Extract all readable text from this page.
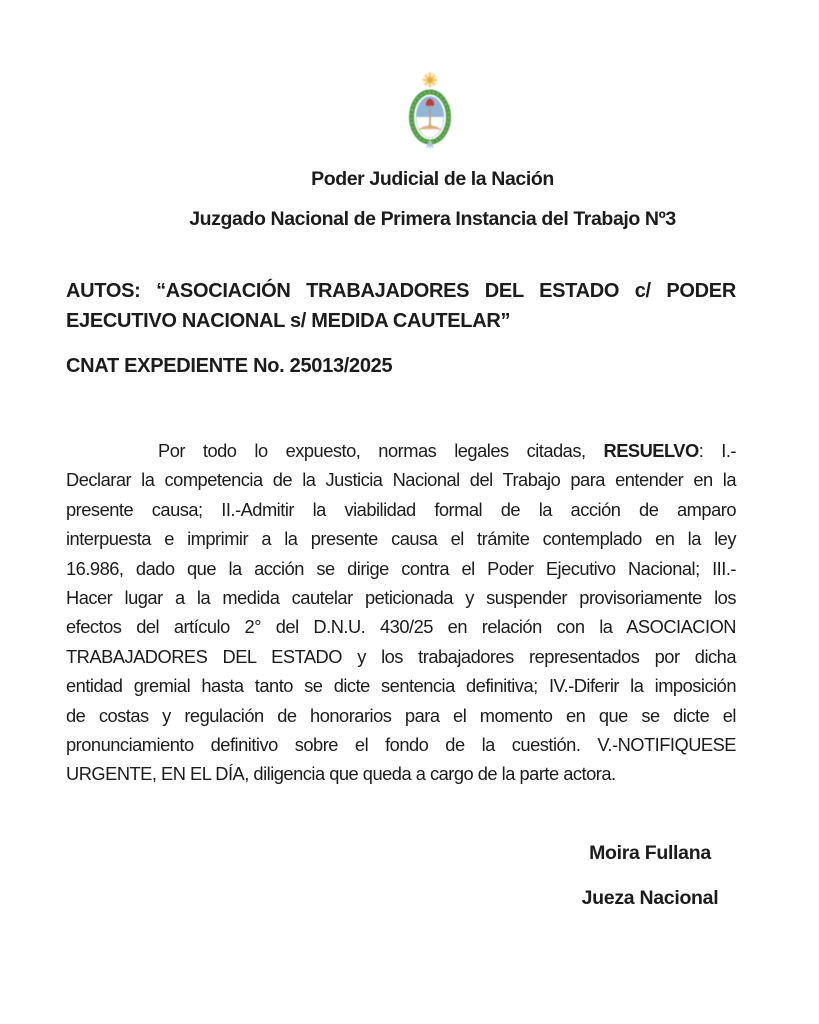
Poder Judicial de la Nación
Juzgado Nacional de Primera Instancia del Trabajo Nº3
AUTOS: “ASOCIACIÓN TRABAJADORES DEL ESTADO c/ PODER
EJECUTIVO NACIONAL s/ MEDIDA CAUTELAR”
CNAT EXPEDIENTE No. 25013/2025
Por todo lo expuesto, normas legales citadas, RESUELVO: I.-
Declarar la competencia de la Justicia Nacional del Trabajo para entender en la
presente causa; II.-Admitir la viabilidad formal de la acción de amparo
interpuesta e imprimir a la presente causa el trámite contemplado en la ley
16.986, dado que la acción se dirige contra el Poder Ejecutivo Nacional; III.-
Hacer lugar a la medida cautelar peticionada y suspender provisoriamente los
efectos del artículo 2° del D.N.U. 430/25 en relación con la ASOCIACION
TRABAJADORES DEL ESTADO y los trabajadores representados por dicha
entidad gremial hasta tanto se dicte sentencia definitiva; IV.-Diferir la imposición
de costas y regulación de honorarios para el momento en que se dicte el
pronunciamiento definitivo sobre el fondo de la cuestión. V.-NOTIFIQUESE
URGENTE, EN EL DÍA, diligencia que queda a cargo de la parte actora.
Moira Fullana
Jueza Nacional
